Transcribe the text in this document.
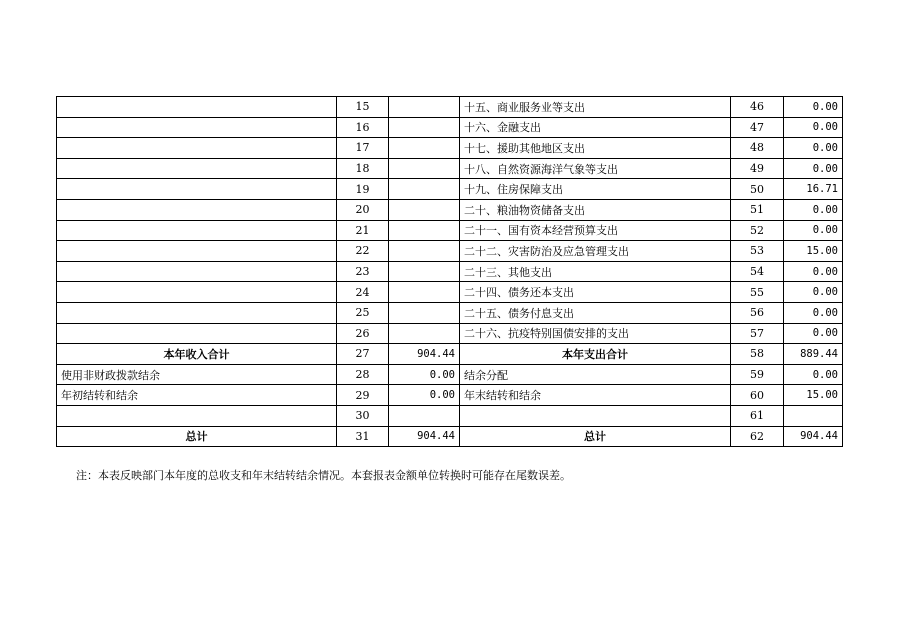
	15		十五、商业服务业等支出	46	0.00
	16		十六、金融支出	47	0.00
	17		十七、援助其他地区支出	48	0.00
	18		十八、自然资源海洋气象等支出	49	0.00
	19		十九、住房保障支出	50	16.71
	20		二十、粮油物资储备支出	51	0.00
	21		二十一、国有资本经营预算支出	52	0.00
	22		二十二、灾害防治及应急管理支出	53	15.00
	23		二十三、其他支出	54	0.00
	24		二十四、债务还本支出	55	0.00
	25		二十五、债务付息支出	56	0.00
	26		二十六、抗疫特别国债安排的支出	57	0.00
本年收入合计	27	904.44	本年支出合计	58	889.44
使用非财政拨款结余	28	0.00	结余分配	59	0.00
年初结转和结余	29	0.00	年末结转和结余	60	15.00
	30			61	
总计	31	904.44	总计	62	904.44
注：本表反映部门本年度的总收支和年末结转结余情况。本套报表金额单位转换时可能存在尾数误差。
